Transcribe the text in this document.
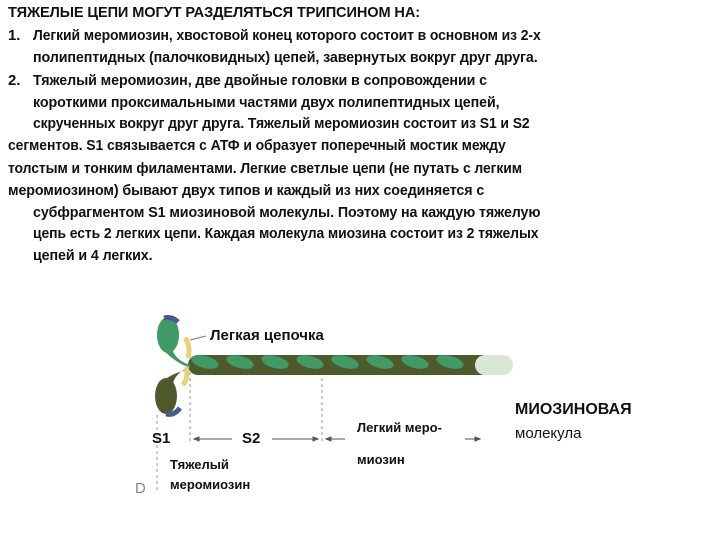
ТЯЖЕЛЫЕ ЦЕПИ МОГУТ РАЗДЕЛЯТЬСЯ ТРИПСИНОМ НА:
1. Легкий меромиозин, хвостовой конец которого состоит в основном из 2-х
полипептидных (палочковидных) цепей, завернутых вокруг друг друга.
2. Тяжелый меромиозин, две двойные головки в сопровождении с
короткими проксимальными частями двух полипептидных цепей,
скрученных вокруг друг друга. Тяжелый меромиозин состоит из S1 и S2
сегментов. S1 связывается с АТФ и образует поперечный мостик между
толстым и тонким филаментами. Легкие светлые цепи (не путать с легким
меромиозином) бывают двух типов и каждый из них соединяется с
субфрагментом S1 миозиновой молекулы. Поэтому на каждую тяжелую
цепь есть 2 легких цепи. Каждая молекула миозина состоит из 2 тяжелых
цепей и 4 легких.
Легкая цепочка
S1	S2
Легкий меро-
миозин
Тяжелый
меромиозин
МИОЗИНОВАЯ
молекула
D
